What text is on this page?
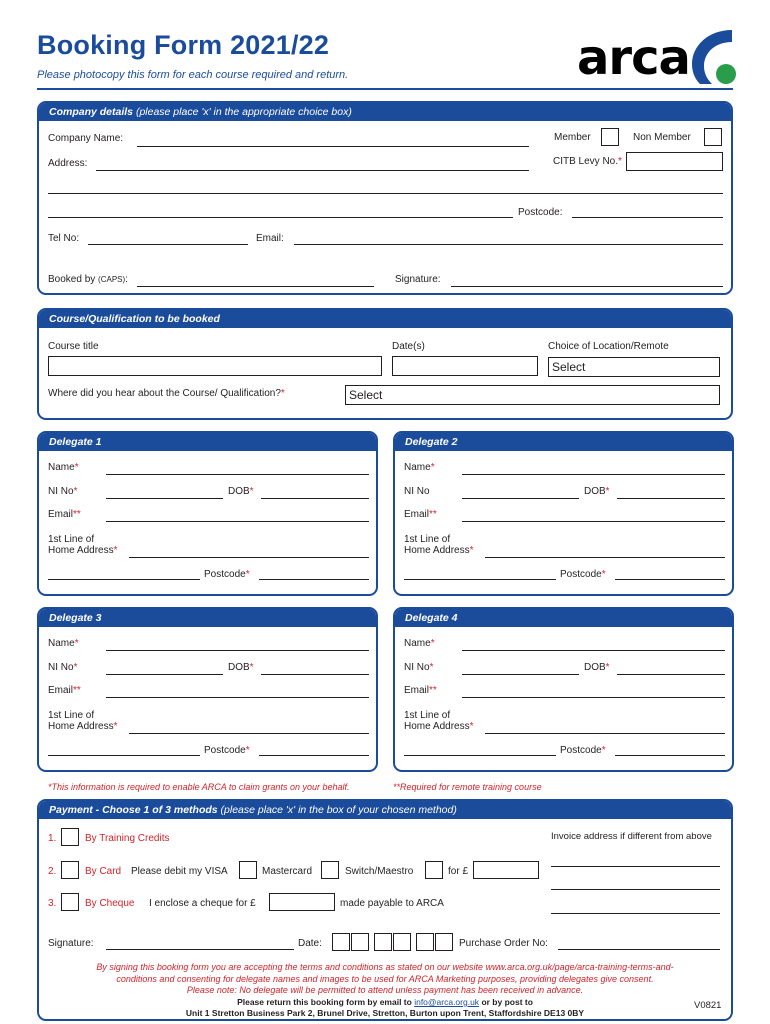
Booking Form 2021/22
Please photocopy this form for each course required and return.	arca
Company details (please place 'x' in the appropriate choice box)
Company Name:	Member	Non Member
Address:	CITB Levy No.*
Postcode:
Tel No:	Email:
Booked by (CAPS):	Signature:
Course/Qualification to be booked
Course title	Date(s)	Choice of Location/Remote
Select
Where did you hear about the Course/ Qualification?*	Select
Delegate 1
Name*
NI No*	DOB*
Email**
1st Line of
Home Address*
Postcode*
Delegate 2
Name*
NI No	DOB*
Email**
1st Line of
Home Address*
Postcode*
Delegate 3
Name*
NI No*	DOB*
Email**
1st Line of
Home Address*
Postcode*
Delegate 4
Name*
NI No*	DOB*
Email**
1st Line of
Home Address*
Postcode*
*This information is required to enable ARCA to claim grants on your behalf.	**Required for remote training course
Payment - Choose 1 of 3 methods (please place 'x' in the box of your chosen method)
1.	By Training Credits	Invoice address if different from above
2.	By Card Please debit my VISA	Mastercard	Switch/Maestro	for £
3.	By Cheque I enclose a cheque for £	made payable to ARCA
Signature:	Date:	Purchase Order No:
By signing this booking form you are accepting the terms and conditions as stated on our website www.arca.org.uk/page/arca-training-terms-and-
conditions and consenting for delegate names and images to be used for ARCA Marketing purposes, providing delegates give consent.
Please note: No delegate will be permitted to attend unless payment has been received in advance.
Please return this booking form by email to info@arca.org.uk or by post to
Unit 1 Stretton Business Park 2, Brunel Drive, Stretton, Burton upon Trent, Staffordshire DE13 0BY
V0821
